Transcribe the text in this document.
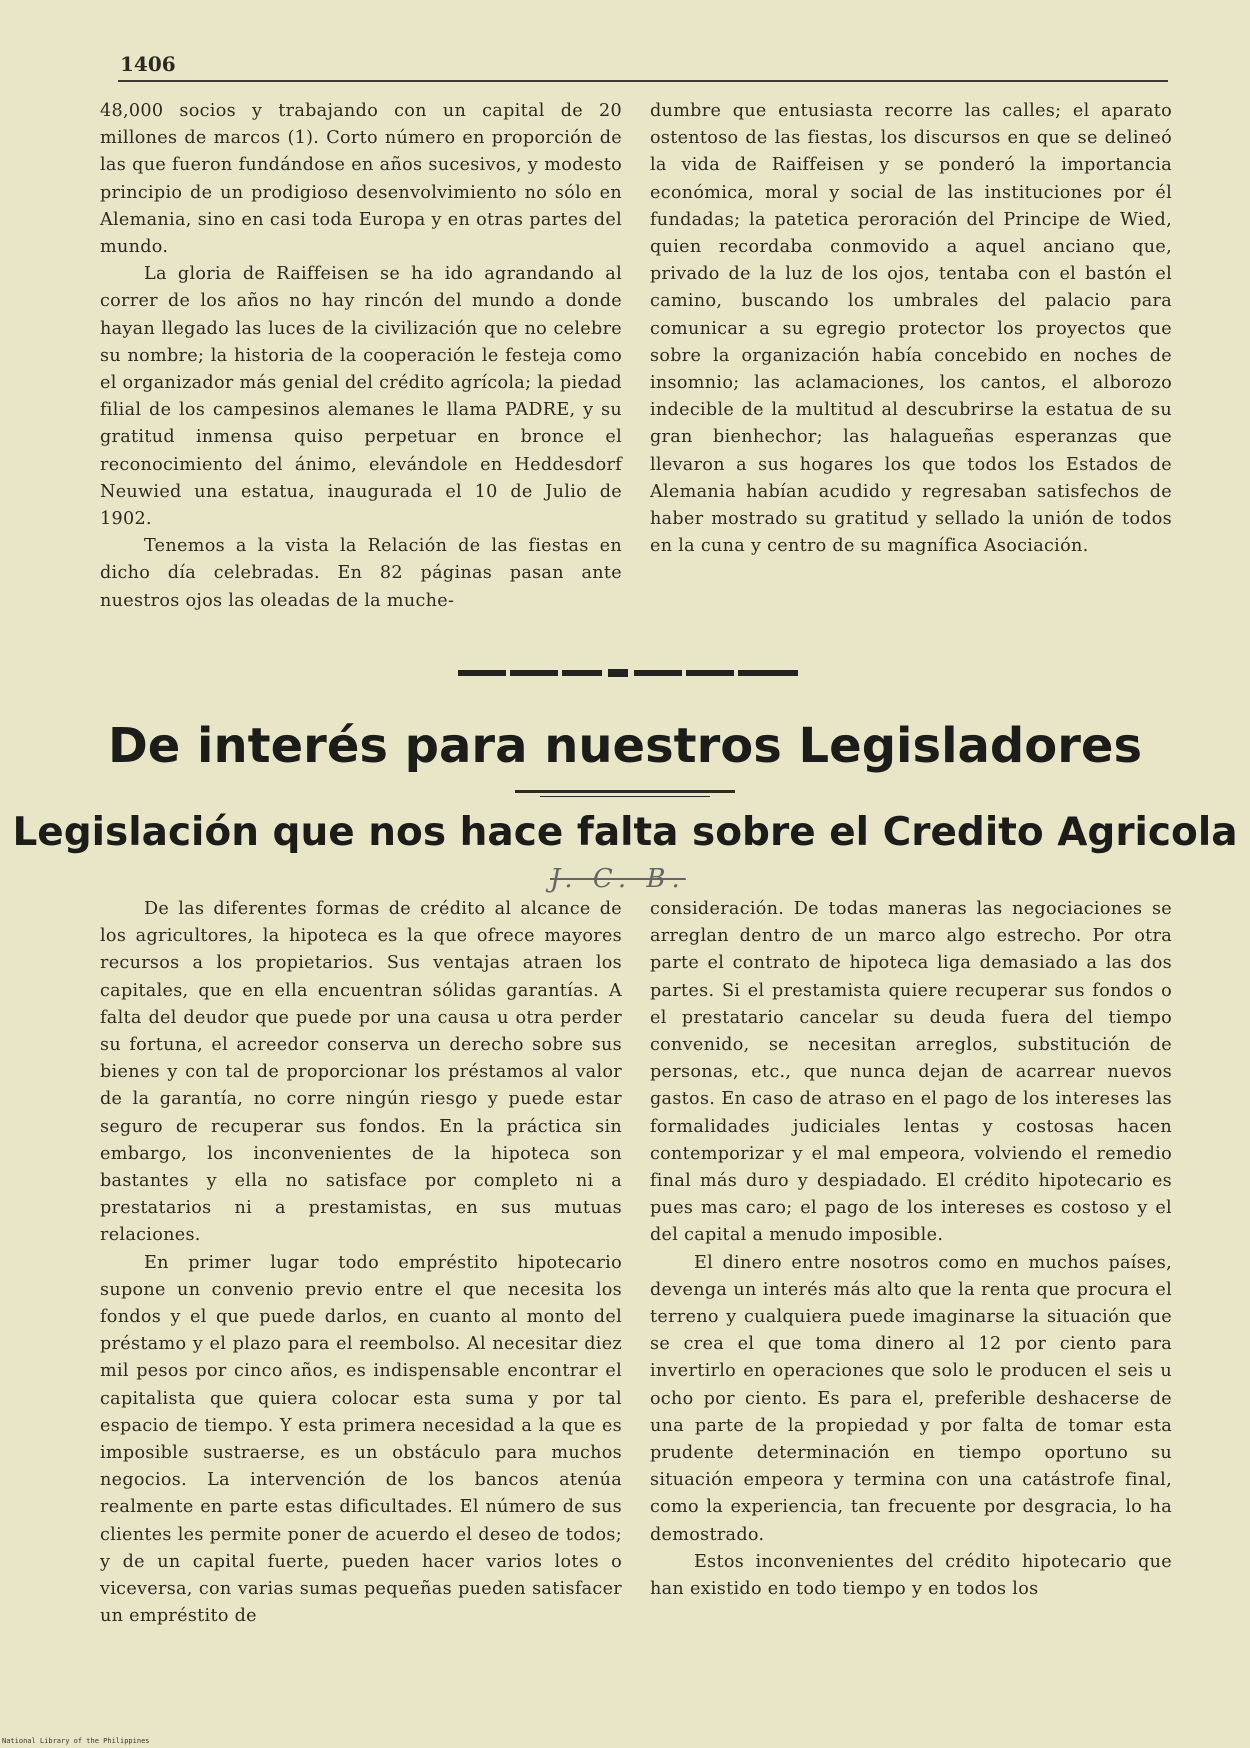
1406

48,000 socios y trabajando con un capital de 20 millones de marcos (1). Corto número en proporción de las que fueron fundándose en años sucesivos, y modesto principio de un prodigioso desenvolvimiento no sólo en Alemania, sino en casi toda Europa y en otras partes del mundo.

La gloria de Raiffeisen se ha ido agrandando al correr de los años no hay rincón del mundo a donde hayan llegado las luces de la civilización que no celebre su nombre; la historia de la cooperación le festeja como el organizador más genial del crédito agrícola; la piedad filial de los campesinos alemanes le llama PADRE, y su gratitud inmensa quiso perpetuar en bronce el reconocimiento del ánimo, elevándole en Heddesdorf Neuwied una estatua, inaugurada el 10 de Julio de 1902.

Tenemos a la vista la Relación de las fiestas en dicho día celebradas. En 82 páginas pasan ante nuestros ojos las oleadas de la muche-

dumbre que entusiasta recorre las calles; el aparato ostentoso de las fiestas, los discursos en que se delineó la vida de Raiffeisen y se ponderó la importancia económica, moral y social de las instituciones por él fundadas; la patetica peroración del Principe de Wied, quien recordaba conmovido a aquel anciano que, privado de la luz de los ojos, tentaba con el bastón el camino, buscando los umbrales del palacio para comunicar a su egregio protector los proyectos que sobre la organización había concebido en noches de insomnio; las aclamaciones, los cantos, el alborozo indecible de la multitud al descubrirse la estatua de su gran bienhechor; las halagueñas esperanzas que llevaron a sus hogares los que todos los Estados de Alemania habían acudido y regresaban satisfechos de haber mostrado su gratitud y sellado la unión de todos en la cuna y centro de su magnífica Asociación.

De interés para nuestros Legisladores
Legislación que nos hace falta sobre el Credito Agricola
J. C. B.

De las diferentes formas de crédito al alcance de los agricultores, la hipoteca es la que ofrece mayores recursos a los propietarios. Sus ventajas atraen los capitales, que en ella encuentran sólidas garantías. A falta del deudor que puede por una causa u otra perder su fortuna, el acreedor conserva un derecho sobre sus bienes y con tal de proporcionar los préstamos al valor de la garantía, no corre ningún riesgo y puede estar seguro de recuperar sus fondos. En la práctica sin embargo, los inconvenientes de la hipoteca son bastantes y ella no satisface por completo ni a prestatarios ni a prestamistas, en sus mutuas relaciones.

En primer lugar todo empréstito hipotecario supone un convenio previo entre el que necesita los fondos y el que puede darlos, en cuanto al monto del préstamo y el plazo para el reembolso. Al necesitar diez mil pesos por cinco años, es indispensable encontrar el capitalista que quiera colocar esta suma y por tal espacio de tiempo. Y esta primera necesidad a la que es imposible sustraerse, es un obstáculo para muchos negocios. La intervención de los bancos atenúa realmente en parte estas dificultades. El número de sus clientes les permite poner de acuerdo el deseo de todos; y de un capital fuerte, pueden hacer varios lotes o viceversa, con varias sumas pequeñas pueden satisfacer un empréstito de

consideración. De todas maneras las negociaciones se arreglan dentro de un marco algo estrecho. Por otra parte el contrato de hipoteca liga demasiado a las dos partes. Si el prestamista quiere recuperar sus fondos o el prestatario cancelar su deuda fuera del tiempo convenido, se necesitan arreglos, substitución de personas, etc., que nunca dejan de acarrear nuevos gastos. En caso de atraso en el pago de los intereses las formalidades judiciales lentas y costosas hacen contemporizar y el mal empeora, volviendo el remedio final más duro y despiadado. El crédito hipotecario es pues mas caro; el pago de los intereses es costoso y el del capital a menudo imposible.

El dinero entre nosotros como en muchos países, devenga un interés más alto que la renta que procura el terreno y cualquiera puede imaginarse la situación que se crea el que toma dinero al 12 por ciento para invertirlo en operaciones que solo le producen el seis u ocho por ciento. Es para el, preferible deshacerse de una parte de la propiedad y por falta de tomar esta prudente determinación en tiempo oportuno su situación empeora y termina con una catástrofe final, como la experiencia, tan frecuente por desgracia, lo ha demostrado.

Estos inconvenientes del crédito hipotecario que han existido en todo tiempo y en todos los

National Library of the Philippines
